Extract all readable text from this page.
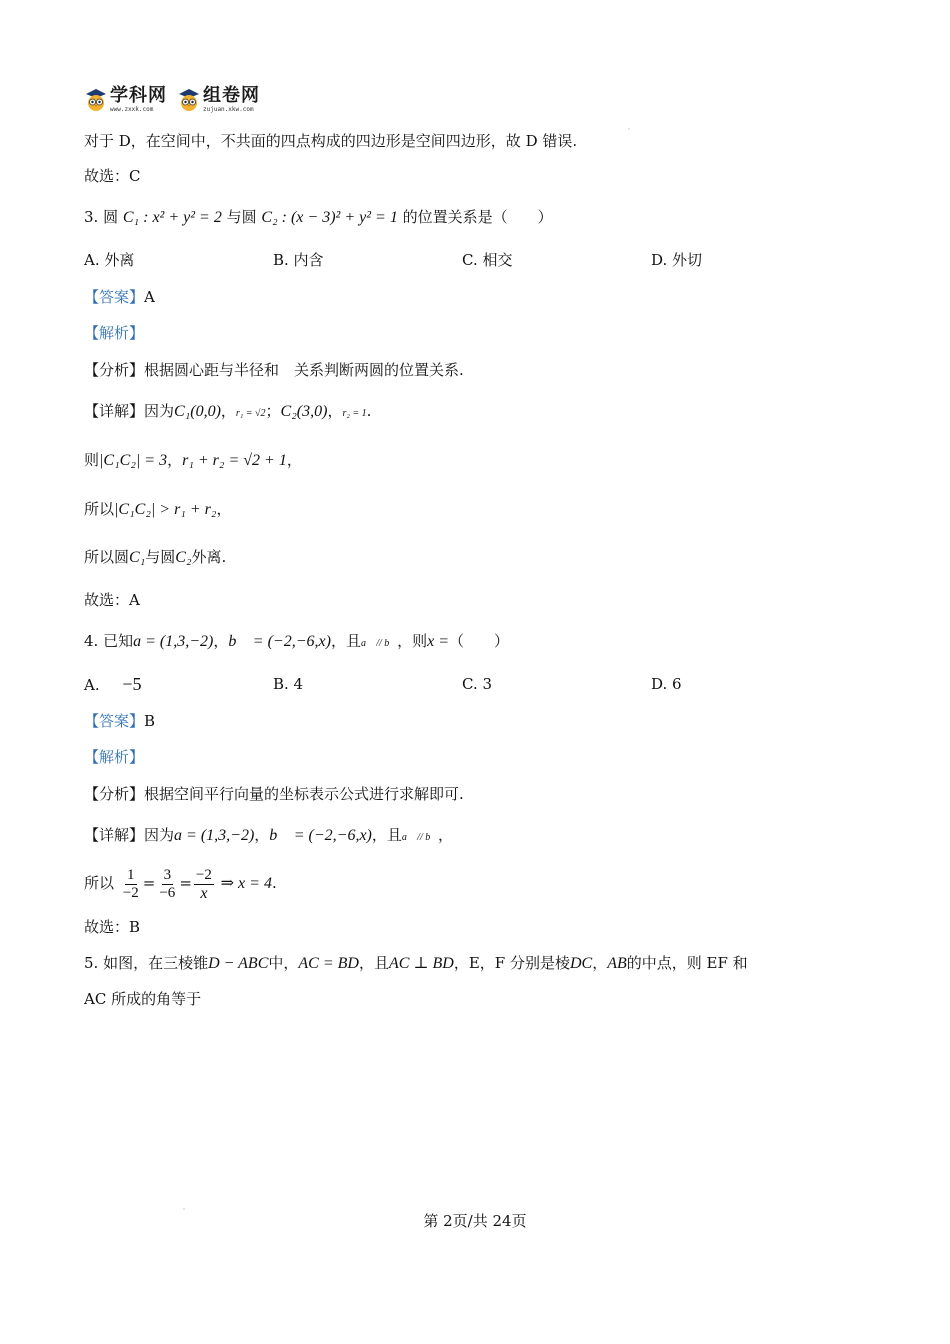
学科网
www.zxxk.com
组卷网
zujuan.xkw.com
˙
对于 D，在空间中，不共面的四点构成的四边形是空间四边形，故 D 错误.
故选：C
3. 圆 C₁ : x² + y² = 2 与圆 C₂ : (x − 3)² + y² = 1 的位置关系是（　　）
A. 外离	B. 内含	C. 相交	D. 外切
【答案】A
【解析】
【分析】根据圆心距与半径和　关系判断两圆的位置关系.
【详解】因为C₁(0,0)，r₁ = √2；C₂(3,0)，r₂ = 1.
则|C₁C₂| = 3，r₁ + r₂ = √2 + 1，
所以|C₁C₂| > r₁ + r₂，
所以圆C₁与圆C₂外离.
故选：A
4. 已知a = (1,3,−2)，b⃗ = (−2,−6,x)，且a⃗ // b⃗，则x =（　　）
A. −5	B. 4	C. 3	D. 6
【答案】B
【解析】
【分析】根据空间平行向量的坐标表示公式进行求解即可.
【详解】因为a = (1,3,−2)，b⃗ = (−2,−6,x)，且a⃗ // b⃗，
所以 $\frac{1}{-2} = \frac{3}{-6} = \frac{-2}{x}$ ⇒ x = 4.
故选：B
5. 如图，在三棱锥D − ABC中，AC = BD，且AC ⊥ BD，E，F 分别是棱DC，AB的中点，则 EF 和
AC 所成的角等于
˙	第 2页/共 24页
